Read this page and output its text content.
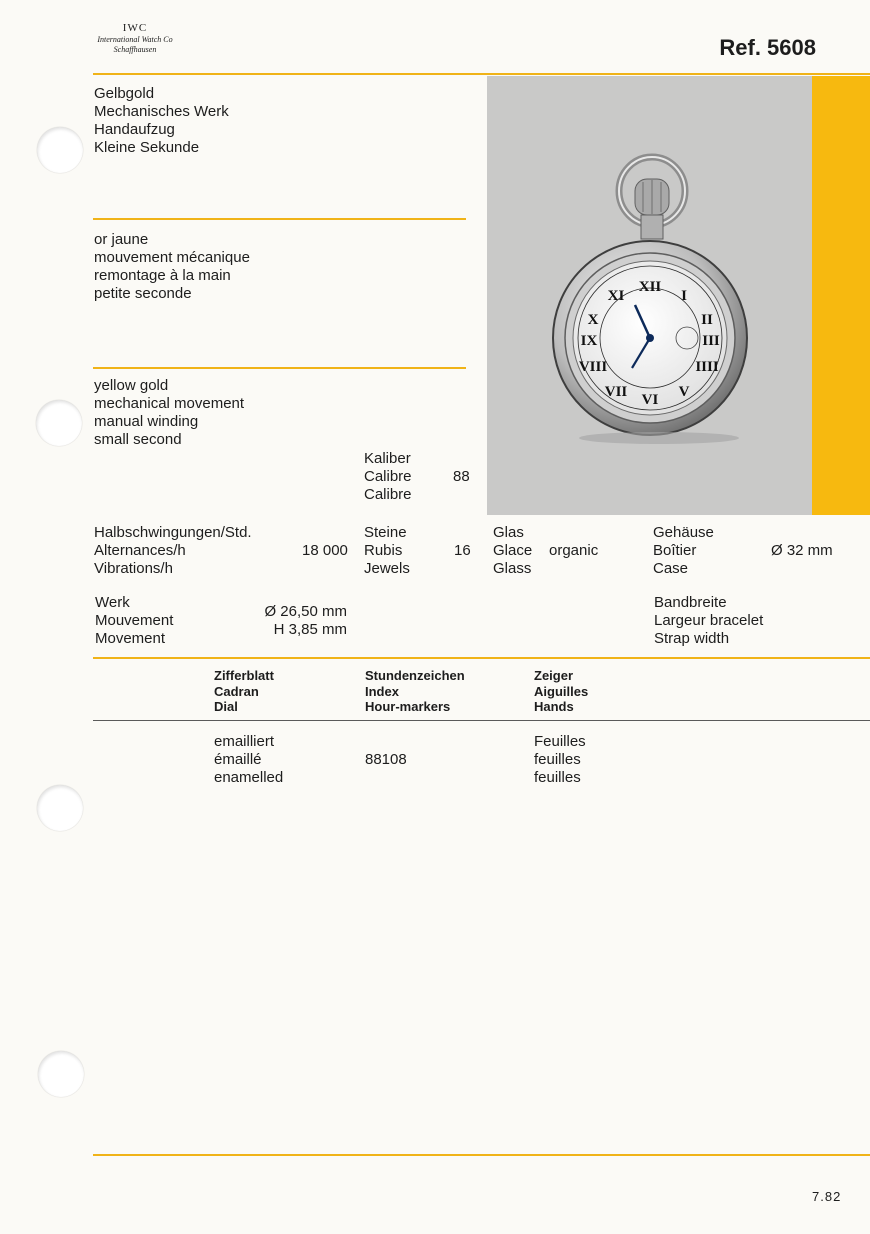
IWC
International Watch Co
Schaffhausen	Ref. 5608
XII
I
II
III
IIII
V
VI
VII
VIII
IX
X
XI
Gelbgold
Mechanisches Werk
Handaufzug
Kleine Sekunde
or jaune
mouvement mécanique
remontage à la main
petite seconde
yellow gold
mechanical movement
manual winding
small second
Kaliber
Calibre
Calibre
88
Halbschwingungen/Std.
Alternances/h
Vibrations/h
18 000
Steine
Rubis
Jewels
16
Glas
Glace
Glass
organic
Gehäuse
Boîtier
Case
Ø 32 mm
Werk
Mouvement
Movement
Ø 26,50 mm
H 3,85 mm
Bandbreite
Largeur bracelet
Strap width
Zifferblatt
Cadran
Dial
Stundenzeichen
Index
Hour-markers
Zeiger
Aiguilles
Hands
emailliert
émaillé
enamelled
88108
Feuilles
feuilles
feuilles
7.82
